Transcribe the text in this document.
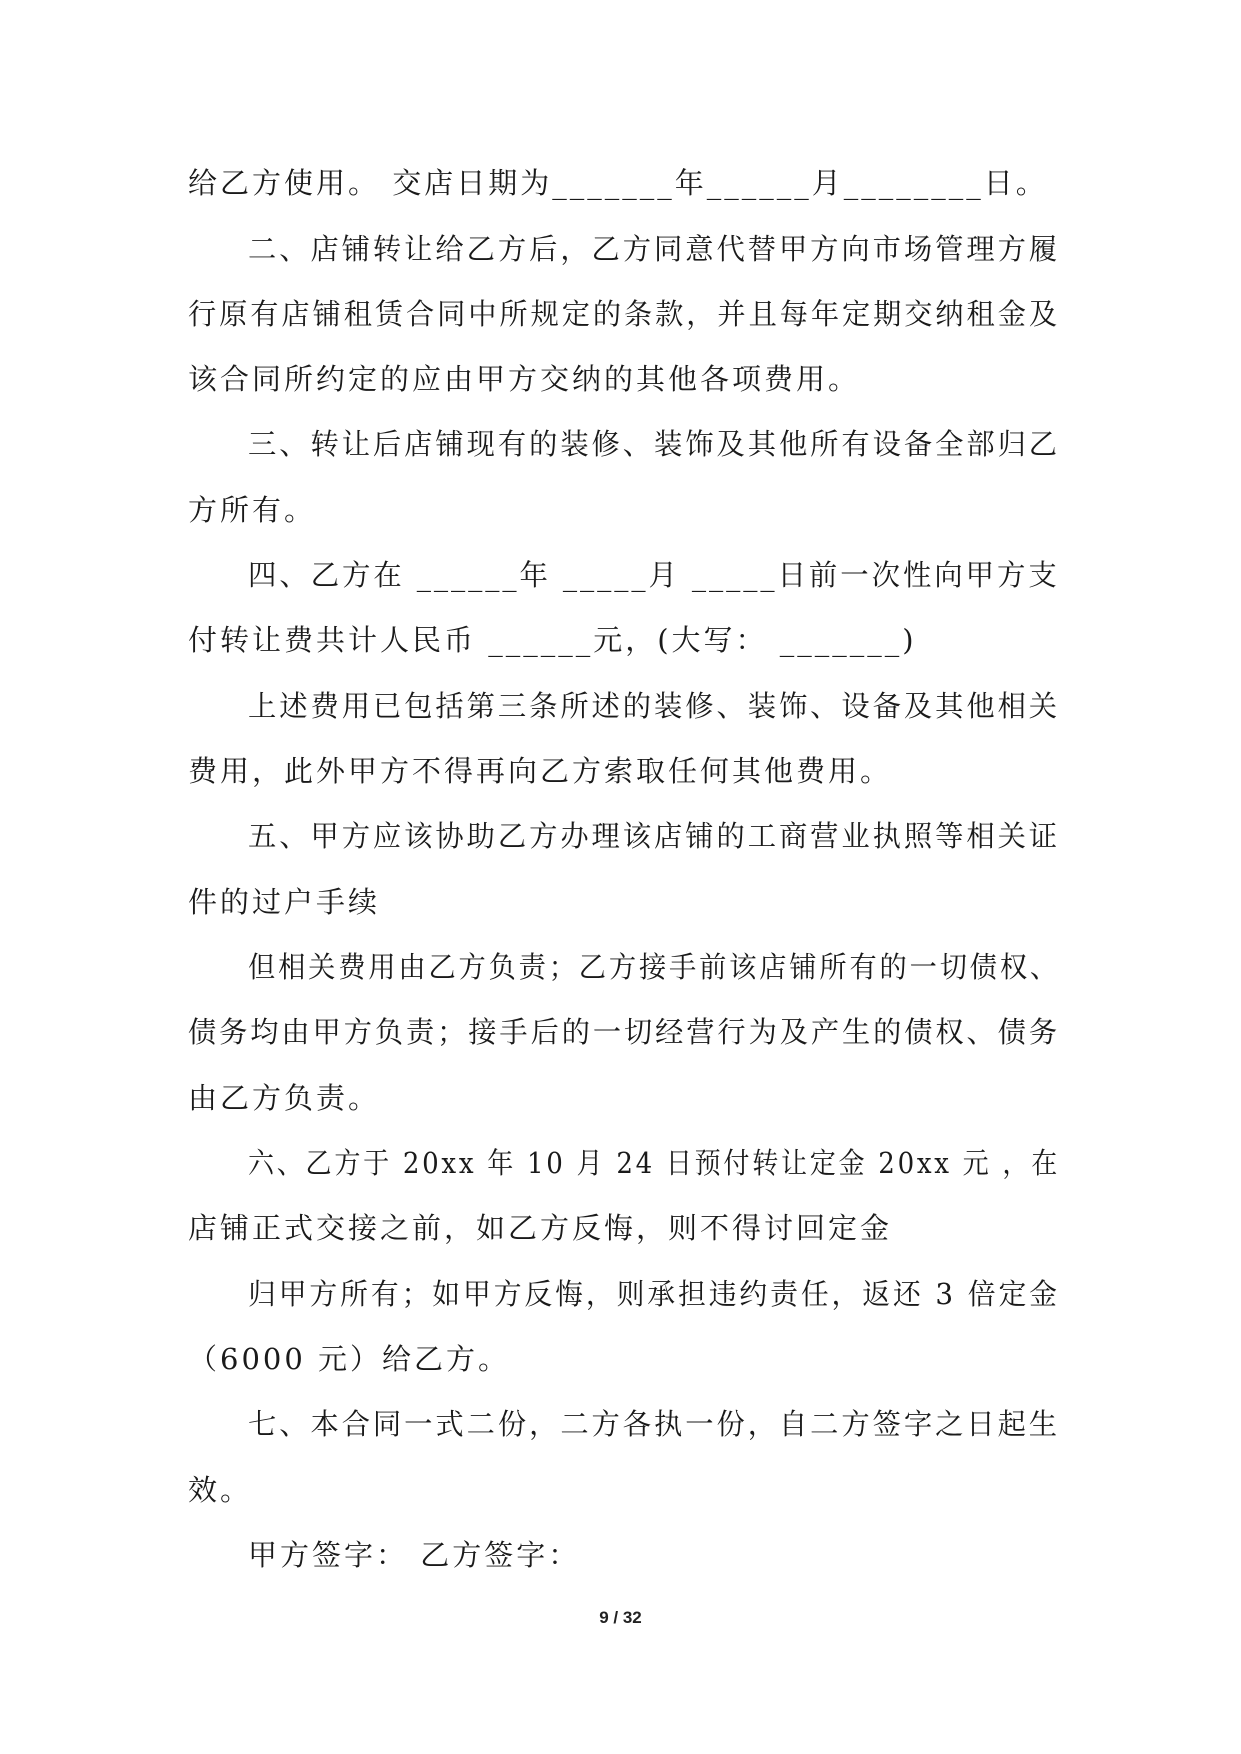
给乙方使用。 交店日期为_______年______月________日。

二、店铺转让给乙方后，乙方同意代替甲方向市场管理方履

行原有店铺租赁合同中所规定的条款，并且每年定期交纳租金及

该合同所约定的应由甲方交纳的其他各项费用。

三、转让后店铺现有的装修、装饰及其他所有设备全部归乙

方所有。

四、乙方在 ______年 _____月 _____日前一次性向甲方支

付转让费共计人民币 ______元，(大写： _______)

上述费用已包括第三条所述的装修、装饰、设备及其他相关

费用，此外甲方不得再向乙方索取任何其他费用。

五、甲方应该协助乙方办理该店铺的工商营业执照等相关证

件的过户手续

但相关费用由乙方负责；乙方接手前该店铺所有的一切债权、

债务均由甲方负责；接手后的一切经营行为及产生的债权、债务

由乙方负责。

六、乙方于 20xx 年 10 月 24 日预付转让定金 20xx 元 ，在

店铺正式交接之前，如乙方反悔，则不得讨回定金

归甲方所有；如甲方反悔，则承担违约责任，返还 3 倍定金

（6000 元）给乙方。

七、本合同一式二份，二方各执一份，自二方签字之日起生

效。

甲方签字： 乙方签字：

9 / 32
